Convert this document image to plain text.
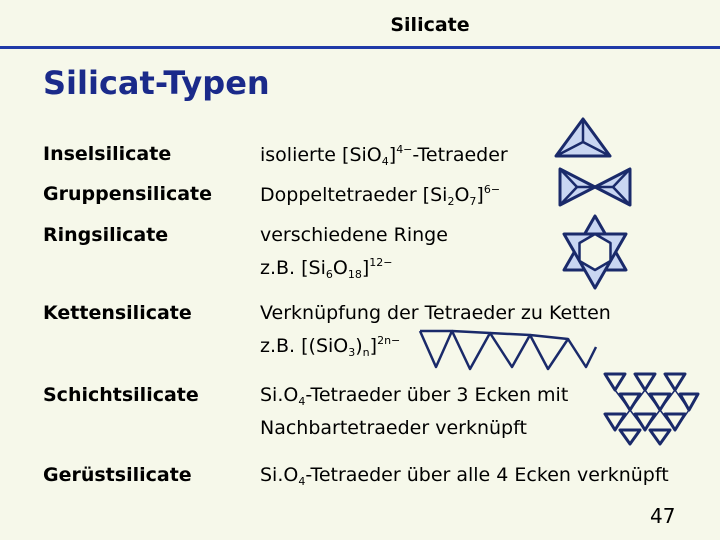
Silicate
Silicat-Typen
Inselsilicate	isolierte $[SiO_4]^{4-}$-Tetraeder
Gruppensilicate	Doppeltetraeder $[Si_2O_7]^{6-}$
Ringsilicate	verschiedene Ringe
z.B. $[Si_6O_{18}]^{12-}$
Kettensilicate	Verknüpfung der Tetraeder zu Ketten
z.B. $[(SiO_3)_n]^{2n-}$
Schichtsilicate	$Si.O_4$-Tetraeder über 3 Ecken mit
Nachbartetraeder verknüpft
Gerüstsilicate	$Si.O_4$-Tetraeder über alle 4 Ecken verknüpft
47
